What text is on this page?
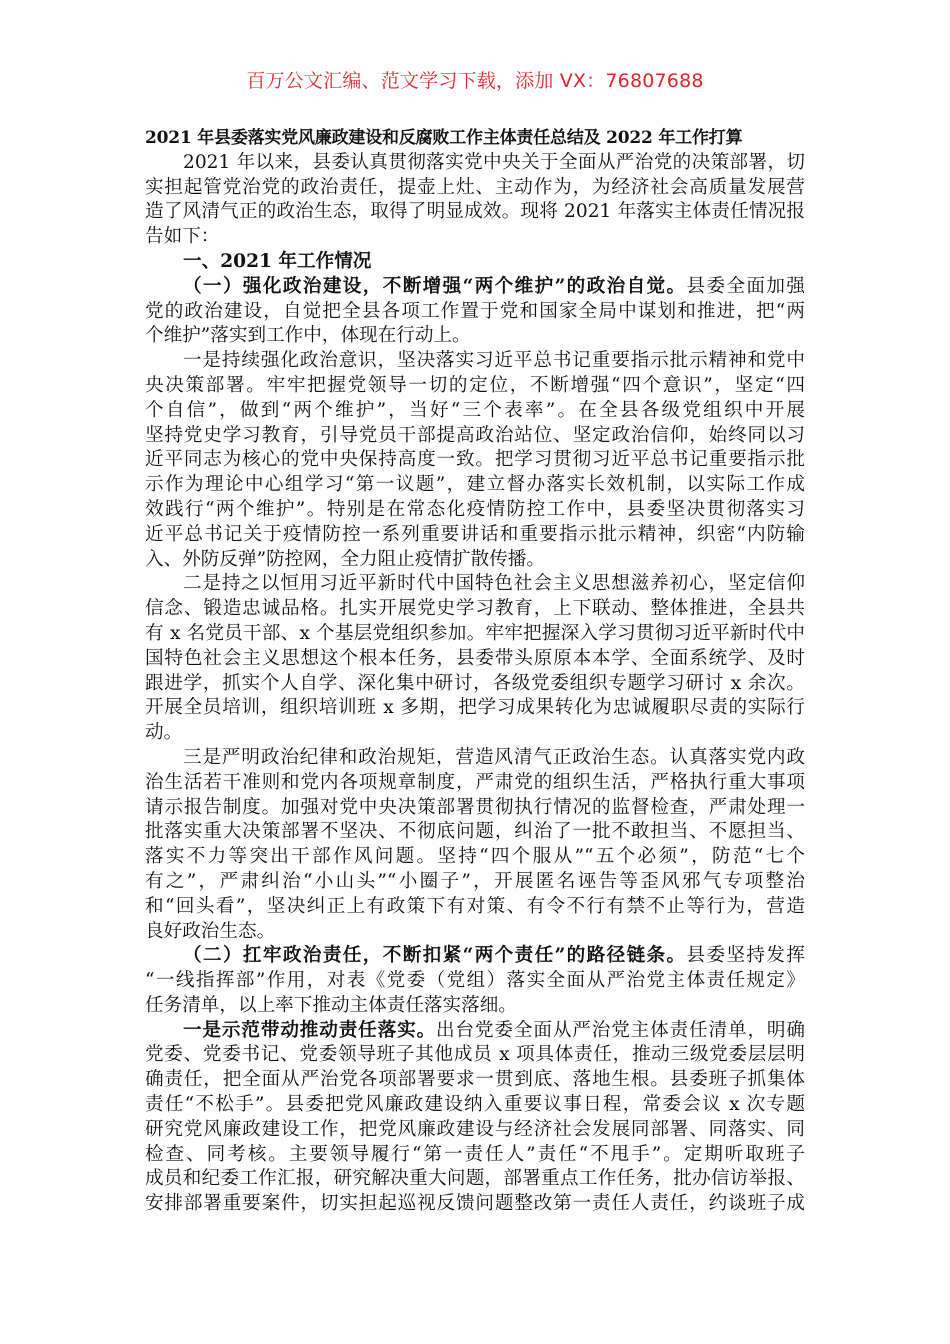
百万公文汇编、范文学习下载，添加 VX：76807688
2021 年县委落实党风廉政建设和反腐败工作主体责任总结及 2022 年工作打算
2021 年以来，县委认真贯彻落实党中央关于全面从严治党的决策部署，切
实担起管党治党的政治责任，提壶上灶、主动作为，为经济社会高质量发展营
造了风清气正的政治生态，取得了明显成效。现将 2021 年落实主体责任情况报
告如下：
一、2021 年工作情况
（一）强化政治建设，不断增强“两个维护”的政治自觉。县委全面加强
党的政治建设，自觉把全县各项工作置于党和国家全局中谋划和推进，把“两
个维护”落实到工作中，体现在行动上。
一是持续强化政治意识，坚决落实习近平总书记重要指示批示精神和党中
央决策部署。牢牢把握党领导一切的定位，不断增强“四个意识”，坚定“四
个自信”，做到“两个维护”，当好“三个表率”。在全县各级党组织中开展
坚持党史学习教育，引导党员干部提高政治站位、坚定政治信仰，始终同以习
近平同志为核心的党中央保持高度一致。把学习贯彻习近平总书记重要指示批
示作为理论中心组学习“第一议题”，建立督办落实长效机制，以实际工作成
效践行“两个维护”。特别是在常态化疫情防控工作中，县委坚决贯彻落实习
近平总书记关于疫情防控一系列重要讲话和重要指示批示精神，织密“内防输
入、外防反弹”防控网，全力阻止疫情扩散传播。
二是持之以恒用习近平新时代中国特色社会主义思想滋养初心，坚定信仰
信念、锻造忠诚品格。扎实开展党史学习教育，上下联动、整体推进，全县共
有 x 名党员干部、x 个基层党组织参加。牢牢把握深入学习贯彻习近平新时代中
国特色社会主义思想这个根本任务，县委带头原原本本学、全面系统学、及时
跟进学，抓实个人自学、深化集中研讨，各级党委组织专题学习研讨 x 余次。
开展全员培训，组织培训班 x 多期，把学习成果转化为忠诚履职尽责的实际行
动。
三是严明政治纪律和政治规矩，营造风清气正政治生态。认真落实党内政
治生活若干准则和党内各项规章制度，严肃党的组织生活，严格执行重大事项
请示报告制度。加强对党中央决策部署贯彻执行情况的监督检查，严肃处理一
批落实重大决策部署不坚决、不彻底问题，纠治了一批不敢担当、不愿担当、
落实不力等突出干部作风问题。坚持“四个服从”“五个必须”，防范“七个
有之”，严肃纠治“小山头”“小圈子”，开展匿名诬告等歪风邪气专项整治
和“回头看”，坚决纠正上有政策下有对策、有令不行有禁不止等行为，营造
良好政治生态。
（二）扛牢政治责任，不断扣紧“两个责任”的路径链条。县委坚持发挥
“一线指挥部”作用，对表《党委（党组）落实全面从严治党主体责任规定》
任务清单，以上率下推动主体责任落实落细。
一是示范带动推动责任落实。出台党委全面从严治党主体责任清单，明确
党委、党委书记、党委领导班子其他成员 x 项具体责任，推动三级党委层层明
确责任，把全面从严治党各项部署要求一贯到底、落地生根。县委班子抓集体
责任“不松手”。县委把党风廉政建设纳入重要议事日程，常委会议 x 次专题
研究党风廉政建设工作，把党风廉政建设与经济社会发展同部署、同落实、同
检查、同考核。主要领导履行“第一责任人”责任“不甩手”。定期听取班子
成员和纪委工作汇报，研究解决重大问题，部署重点工作任务，批办信访举报、
安排部署重要案件，切实担起巡视反馈问题整改第一责任人责任，约谈班子成
